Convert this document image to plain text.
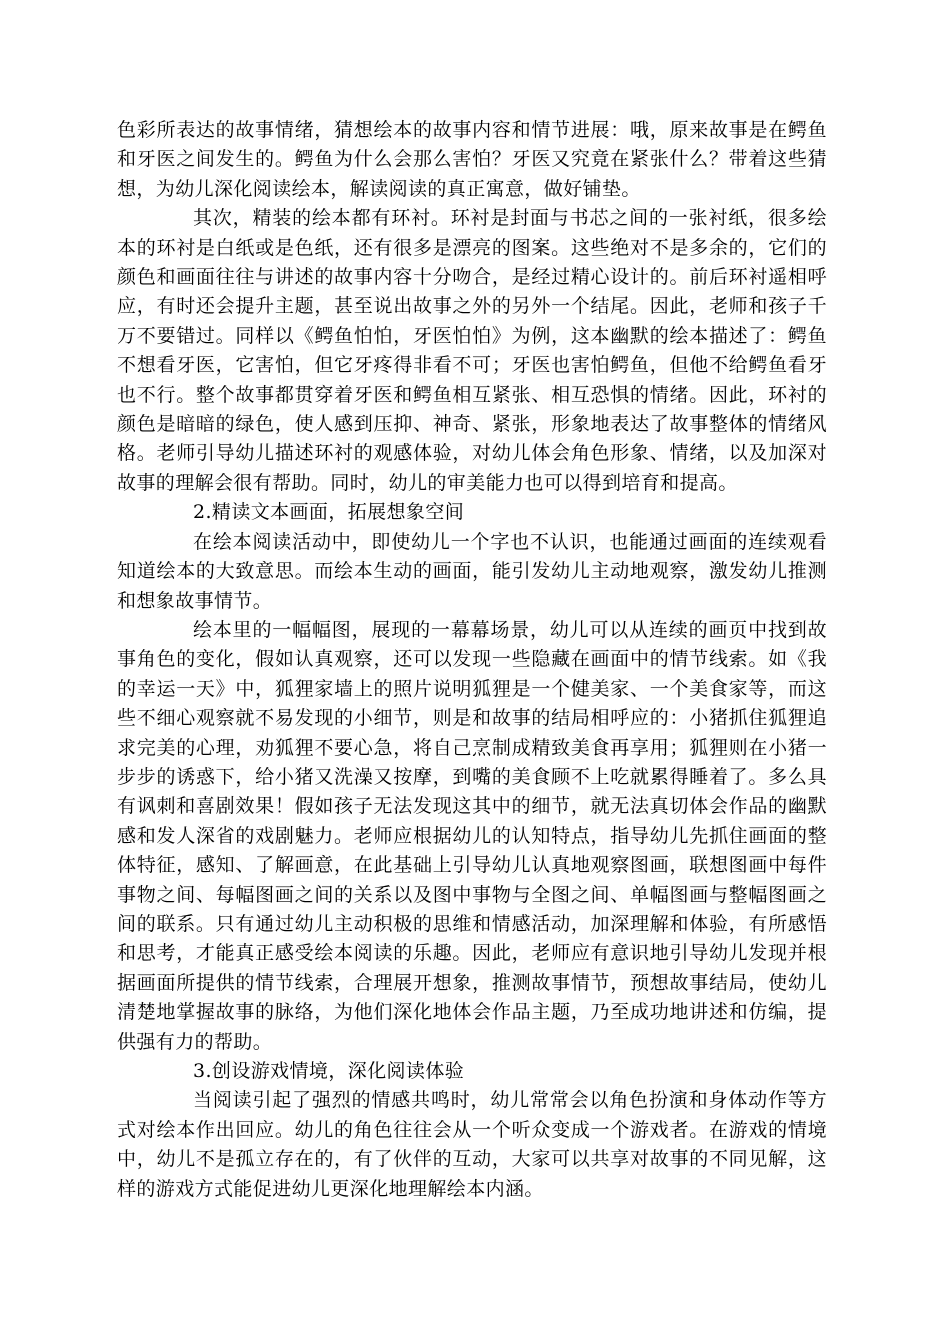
色彩所表达的故事情绪，猜想绘本的故事内容和情节进展：哦，原来故事是在鳄鱼和牙医之间发生的。鳄鱼为什么会那么害怕？牙医又究竟在紧张什么？带着这些猜想，为幼儿深化阅读绘本，解读阅读的真正寓意，做好铺垫。

其次，精装的绘本都有环衬。环衬是封面与书芯之间的一张衬纸，很多绘本的环衬是白纸或是色纸，还有很多是漂亮的图案。这些绝对不是多余的，它们的颜色和画面往往与讲述的故事内容十分吻合，是经过精心设计的。前后环衬遥相呼应，有时还会提升主题，甚至说出故事之外的另外一个结尾。因此，老师和孩子千万不要错过。同样以《鳄鱼怕怕，牙医怕怕》为例，这本幽默的绘本描述了：鳄鱼不想看牙医，它害怕，但它牙疼得非看不可；牙医也害怕鳄鱼，但他不给鳄鱼看牙也不行。整个故事都贯穿着牙医和鳄鱼相互紧张、相互恐惧的情绪。因此，环衬的颜色是暗暗的绿色，使人感到压抑、神奇、紧张，形象地表达了故事整体的情绪风格。老师引导幼儿描述环衬的观感体验，对幼儿体会角色形象、情绪，以及加深对故事的理解会很有帮助。同时，幼儿的审美能力也可以得到培育和提高。

2.精读文本画面，拓展想象空间

在绘本阅读活动中，即使幼儿一个字也不认识，也能通过画面的连续观看知道绘本的大致意思。而绘本生动的画面，能引发幼儿主动地观察，激发幼儿推测和想象故事情节。

绘本里的一幅幅图，展现的一幕幕场景，幼儿可以从连续的画页中找到故事角色的变化，假如认真观察，还可以发现一些隐藏在画面中的情节线索。如《我的幸运一天》中，狐狸家墙上的照片说明狐狸是一个健美家、一个美食家等，而这些不细心观察就不易发现的小细节，则是和故事的结局相呼应的：小猪抓住狐狸追求完美的心理，劝狐狸不要心急，将自己烹制成精致美食再享用；狐狸则在小猪一步步的诱惑下，给小猪又洗澡又按摩，到嘴的美食顾不上吃就累得睡着了。多么具有讽刺和喜剧效果！假如孩子无法发现这其中的细节，就无法真切体会作品的幽默感和发人深省的戏剧魅力。老师应根据幼儿的认知特点，指导幼儿先抓住画面的整体特征，感知、了解画意，在此基础上引导幼儿认真地观察图画，联想图画中每件事物之间、每幅图画之间的关系以及图中事物与全图之间、单幅图画与整幅图画之间的联系。只有通过幼儿主动积极的思维和情感活动，加深理解和体验，有所感悟和思考，才能真正感受绘本阅读的乐趣。因此，老师应有意识地引导幼儿发现并根据画面所提供的情节线索，合理展开想象，推测故事情节，预想故事结局，使幼儿清楚地掌握故事的脉络，为他们深化地体会作品主题，乃至成功地讲述和仿编，提供强有力的帮助。

3.创设游戏情境，深化阅读体验

当阅读引起了强烈的情感共鸣时，幼儿常常会以角色扮演和身体动作等方式对绘本作出回应。幼儿的角色往往会从一个听众变成一个游戏者。在游戏的情境中，幼儿不是孤立存在的，有了伙伴的互动，大家可以共享对故事的不同见解，这样的游戏方式能促进幼儿更深化地理解绘本内涵。
